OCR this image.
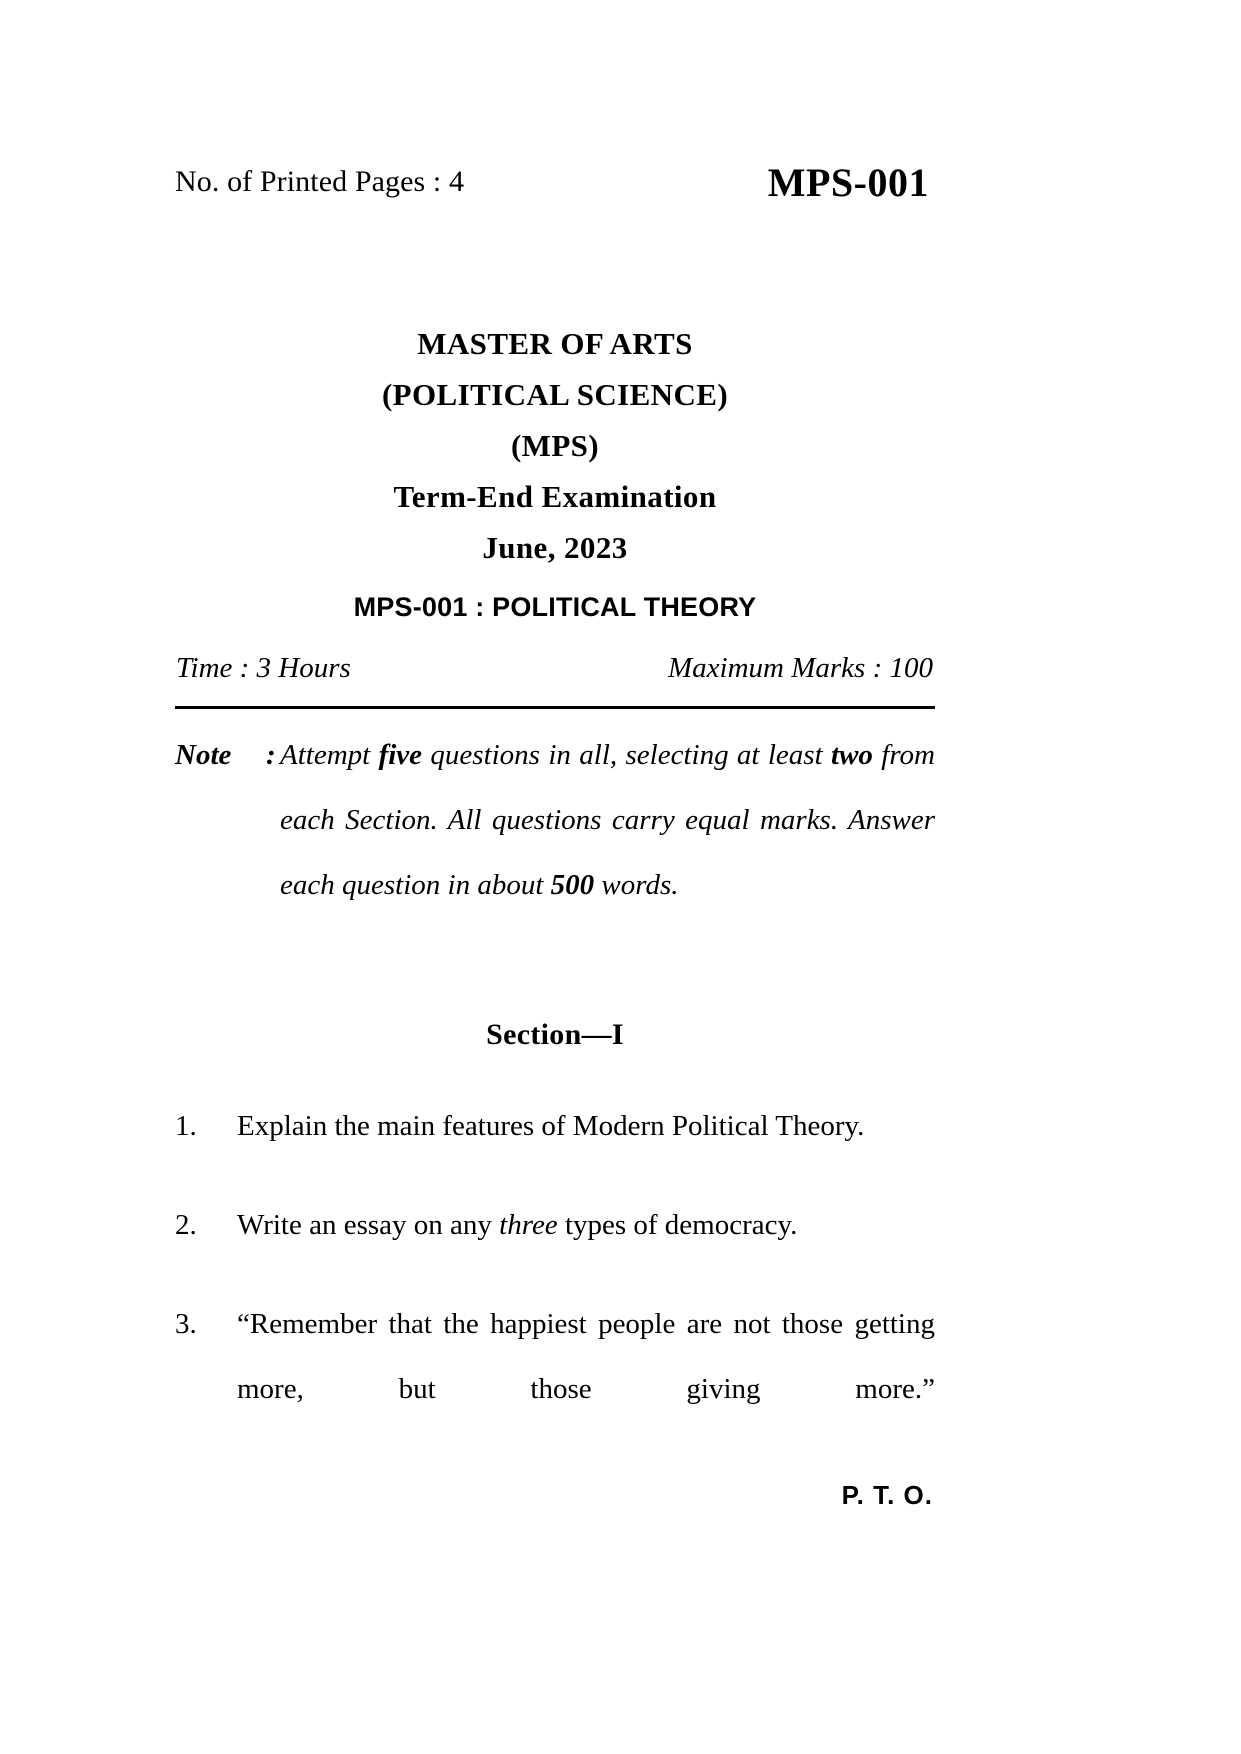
No. of Printed Pages : 4	MPS-001
MASTER OF ARTS
(POLITICAL SCIENCE)
(MPS)
Term-End Examination
June, 2023
MPS-001 : POLITICAL THEORY
Time : 3 Hours	Maximum Marks : 100
Note : Attempt five questions in all, selecting at least two from each Section. All questions carry equal marks. Answer each question in about 500 words.
Section—I
1.	Explain the main features of Modern Political Theory.
2.	Write an essay on any three types of democracy.
3.	“Remember that the happiest people are not those getting more, but those giving more.”
P. T. O.
